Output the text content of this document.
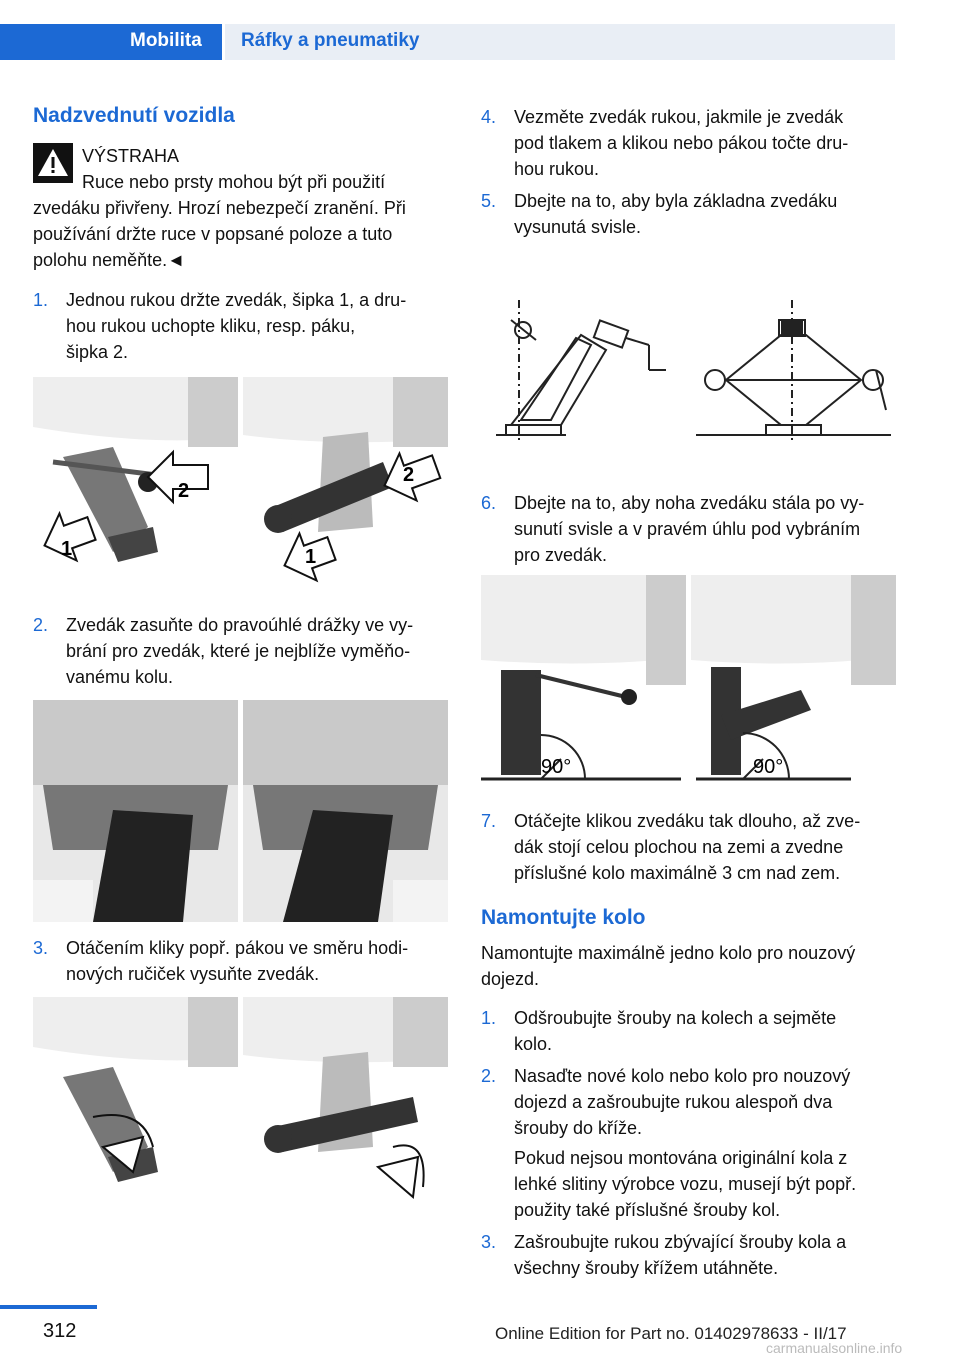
Mobilita Ráfky a pneumatiky
Nadzvednutí vozidla
VÝSTRAHA
Ruce nebo prsty mohou být při použití
zvedáku přivřeny. Hrozí nebezpečí zranění. Při
používání držte ruce v popsané poloze a tuto
polohu neměňte.◄
1. Jednou rukou držte zvedák, šipka 1, a dru‐
hou rukou uchopte kliku, resp. páku,
šipka 2.
1
2
2
1
2. Zvedák zasuňte do pravoúhlé drážky ve vy‐
brání pro zvedák, které je nejblíže vyměňo‐
vanému kolu.
3. Otáčením kliky popř. pákou ve směru hodi‐
nových ručiček vysuňte zvedák.
4. Vezměte zvedák rukou, jakmile je zvedák
pod tlakem a klikou nebo pákou točte dru‐
hou rukou.
5. Dbejte na to, aby byla základna zvedáku
vysunutá svisle.
6. Dbejte na to, aby noha zvedáku stála po vy‐
sunutí svisle a v pravém úhlu pod vybráním
pro zvedák.
90°	90°
7. Otáčejte klikou zvedáku tak dlouho, až zve‐
dák stojí celou plochou na zemi a zvedne
příslušné kolo maximálně 3 cm nad zem.
Namontujte kolo
Namontujte maximálně jedno kolo pro nouzový
dojezd.
1. Odšroubujte šrouby na kolech a sejměte
kolo.
2. Nasaďte nové kolo nebo kolo pro nouzový
dojezd a zašroubujte rukou alespoň dva
šrouby do kříže.
Pokud nejsou montována originální kola z
lehké slitiny výrobce vozu, musejí být popř.
použity také příslušné šrouby kol.
3. Zašroubujte rukou zbývající šrouby kola a
všechny šrouby křížem utáhněte.
312	Online Edition for Part no. 01402978633 - II/17
carmanualsonline.info
